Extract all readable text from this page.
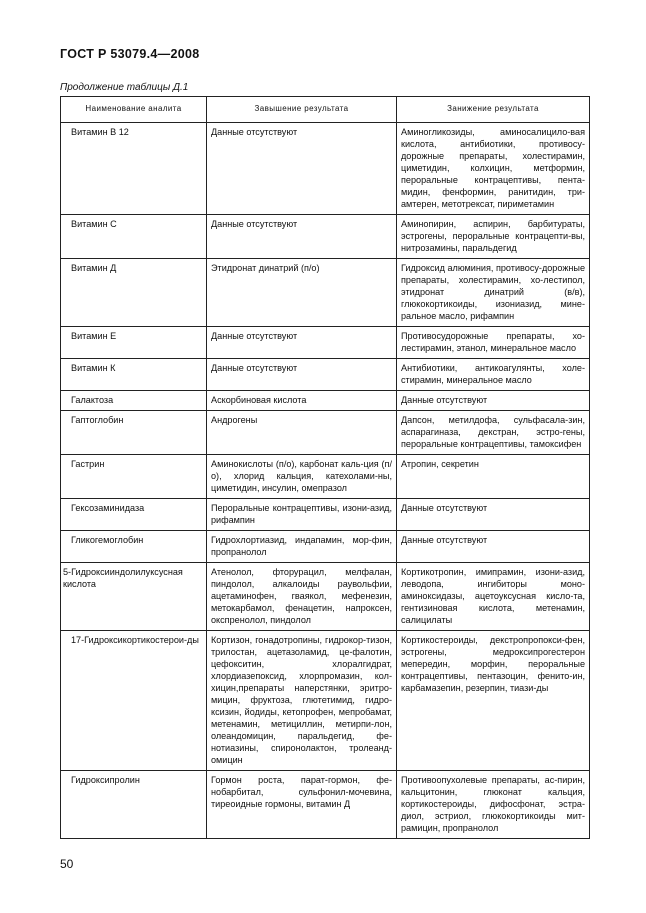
ГОСТ Р 53079.4—2008
Продолжение таблицы Д.1
Наименование аналита	Завышение результата	Занижение результата
Витамин В 12	Данные отсутствуют	Аминогликозиды, аминосалицило-вая кислота, антибиотики, противосу-дорожные препараты, холестирамин, циметидин, колхицин, метформин, пероральные контрацептивы, пента-мидин, фенформин, ранитидин, три-амтерен, метотрексат, пириметамин
Витамин С	Данные отсутствуют	Аминопирин, аспирин, барбитураты, эстрогены, пероральные контрацепти-вы, нитрозамины, паральдегид
Витамин Д	Этидронат динатрий (п/о)	Гидроксид алюминия, противосу-дорожные препараты, холестирамин, хо-лестипол, этидронат динатрий (в/в), глюкокортикоиды, изониазид, мине-ральное масло, рифампин
Витамин Е	Данные отсутствуют	Противосудорожные препараты, хо-лестирамин, этанол, минеральное масло
Витамин К	Данные отсутствуют	Антибиотики, антикоагулянты, холе-стирамин, минеральное масло
Галактоза	Аскорбиновая кислота	Данные отсутствуют
Гаптоглобин	Андрогены	Дапсон, метилдофа, сульфасала-зин, аспарагиназа, декстран, эстро-гены, пероральные контрацептивы, тамоксифен
Гастрин	Аминокислоты (п/о), карбонат каль-ция (п/о), хлорид кальция, катехолами-ны, циметидин, инсулин, омепразол	Атропин, секретин
Гексозаминидаза	Пероральные контрацептивы, изони-азид, рифампин	Данные отсутствуют
Гликогемоглобин	Гидрохлортиазид, индапамин, мор-фин, пропранолол	Данные отсутствуют
5-Гидроксииндолилуксусная кислота	Атенолол, фторурацил, мелфалан, пиндолол, алкалоиды раувольфии, ацетаминофен, гваякол, мефенезин, метокарбамол, фенацетин, напроксен, окспренолол, пиндолол	Кортикотропин, имипрамин, изони-азид, леводопа, ингибиторы моно-аминоксидазы, ацетоуксусная кисло-та, гентизиновая кислота, метенамин, салицилаты
17-Гидроксикортикостерои-ды	Кортизон, гонадотропины, гидрокор-тизон, трилостан, ацетазоламид, це-фалотин, цефокситин, хлоралгидрат, хлордиазепоксид, хлорпромазин, кол-хицин,препараты наперстянки, эритро-мицин, фруктоза, глютетимид, гидро-ксизин, йодиды, кетопрофен, мепробамат, метенамин, метициллин, метирпи-лон, олеандомицин, паральдегид, фе-нотиазины, спиронолактон, тролеанд-омицин	Кортикостероиды, декстропропокси-фен, эстрогены, медроксипрогестерон мепередин, морфин, пероральные контрацептивы, пентазоцин, фенито-ин, карбамазепин, резерпин, тиази-ды
Гидроксипролин	Гормон роста, парат-гормон, фе-нобарбитал, сульфонил-мочевина, тиреоидные гормоны, витамин Д	Противоопухолевые препараты, ас-пирин, кальцитонин, глюконат кальция, кортикостероиды, дифосфонат, эстра-диол, эстриол, глюкокортикоиды мит-рамицин, пропранолол
50
